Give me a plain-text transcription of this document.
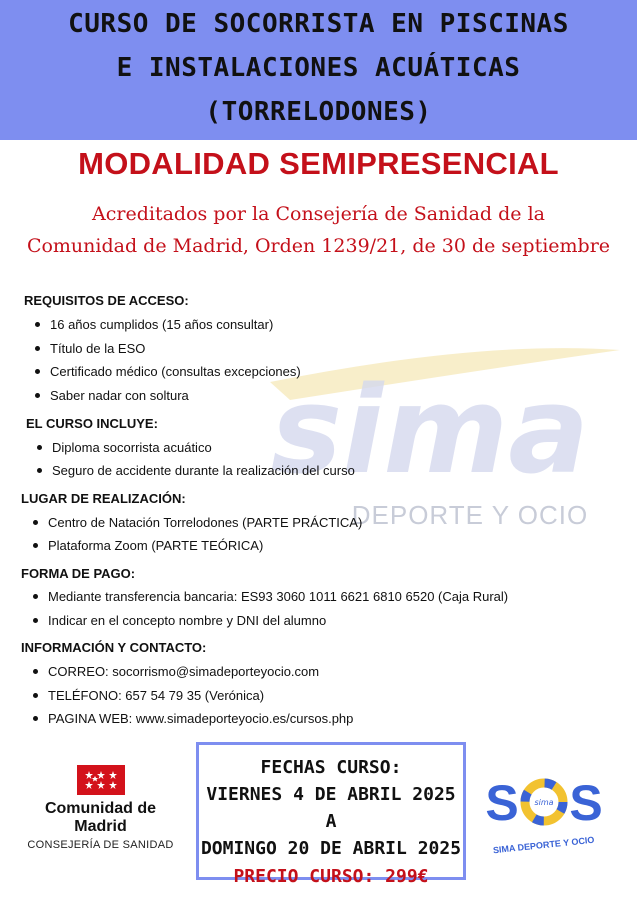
CURSO DE SOCORRISTA EN PISCINAS
E INSTALACIONES ACUÁTICAS
(TORRELODONES)
MODALIDAD SEMIPRESENCIAL
Acreditados por la Consejería de Sanidad de la
Comunidad de Madrid, Orden 1239/21, de 30 de septiembre
sima
DEPORTE Y OCIO
REQUISITOS DE ACCESO:
16 años cumplidos (15 años consultar)
Título de la ESO
Certificado médico (consultas excepciones)
Saber nadar con soltura
EL CURSO INCLUYE:
Diploma socorrista acuático
Seguro de accidente durante la realización del curso
LUGAR DE REALIZACIÓN:
Centro de Natación Torrelodones (PARTE PRÁCTICA)
Plataforma Zoom (PARTE TEÓRICA)
FORMA DE PAGO:
Mediante transferencia bancaria: ES93 3060 1011 6621 6810 6520 (Caja Rural)
Indicar en el concepto nombre y DNI del alumno
INFORMACIÓN Y CONTACTO:
CORREO: socorrismo@simadeporteyocio.com
TELÉFONO: 657 54 79 35 (Verónica)
PAGINA WEB: www.simadeporteyocio.es/cursos.php
Comunidad de Madrid
CONSEJERÍA DE SANIDAD
FECHAS CURSO:
VIERNES 4 DE ABRIL 2025 A
DOMINGO 20 DE ABRIL 2025
PRECIO CURSO: 299€
S sima S
SIMA DEPORTE Y OCIO
